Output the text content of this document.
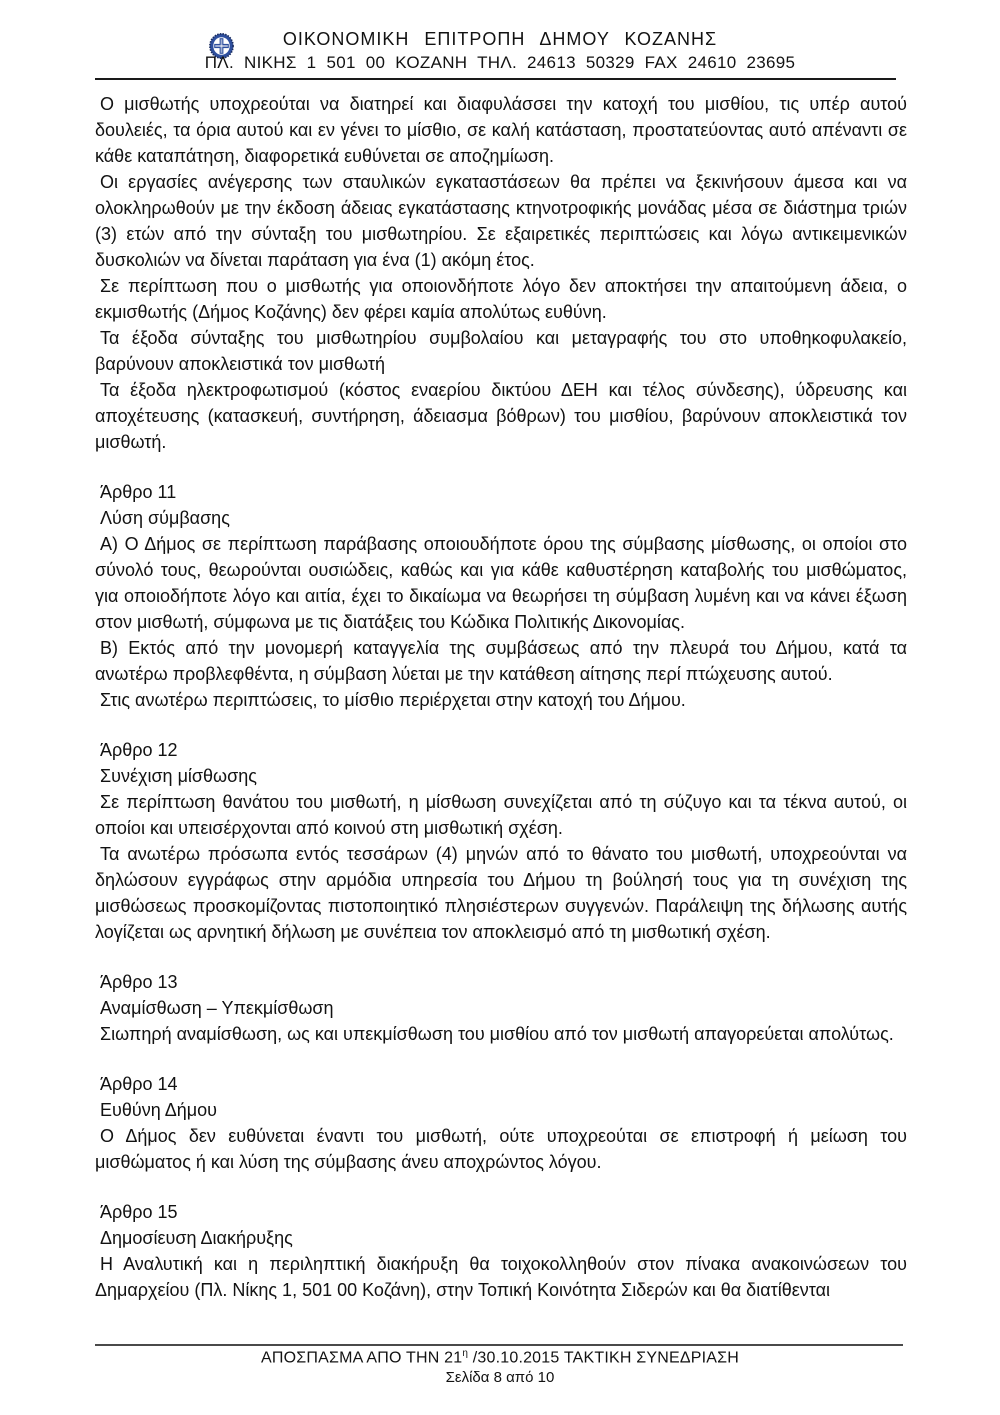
ΟΙΚΟΝΟΜΙΚΗ ΕΠΙΤΡΟΠΗ ΔΗΜΟΥ ΚΟΖΑΝΗΣ
ΠΛ. ΝΙΚΗΣ 1 501 00 ΚΟΖΑΝΗ ΤΗΛ. 24613 50329 FAX 24610 23695

Ο μισθωτής υποχρεούται να διατηρεί και διαφυλάσσει την κατοχή του μισθίου, τις υπέρ αυτού δουλειές, τα όρια αυτού και εν γένει το μίσθιο, σε καλή κατάσταση, προστατεύοντας αυτό απέναντι σε κάθε καταπάτηση, διαφορετικά ευθύνεται σε αποζημίωση.

Οι εργασίες ανέγερσης των σταυλικών εγκαταστάσεων θα πρέπει να ξεκινήσουν άμεσα και να ολοκληρωθούν με την έκδοση άδειας εγκατάστασης κτηνοτροφικής μονάδας μέσα σε διάστημα τριών (3) ετών από την σύνταξη του μισθωτηρίου. Σε εξαιρετικές περιπτώσεις και λόγω αντικειμενικών δυσκολιών να δίνεται παράταση για ένα (1) ακόμη έτος.

Σε περίπτωση που ο μισθωτής για οποιονδήποτε λόγο δεν αποκτήσει την απαιτούμενη άδεια, ο εκμισθωτής (Δήμος Κοζάνης) δεν φέρει καμία απολύτως ευθύνη.

Τα έξοδα σύνταξης του μισθωτηρίου συμβολαίου και μεταγραφής του στο υποθηκοφυλακείο, βαρύνουν αποκλειστικά τον μισθωτή

Τα έξοδα ηλεκτροφωτισμού (κόστος εναερίου δικτύου ΔΕΗ και τέλος σύνδεσης), ύδρευσης και αποχέτευσης (κατασκευή, συντήρηση, άδειασμα βόθρων) του μισθίου, βαρύνουν αποκλειστικά τον μισθωτή.

Άρθρο 11

Λύση σύμβασης

Α) Ο Δήμος σε περίπτωση παράβασης οποιουδήποτε όρου της σύμβασης μίσθωσης, οι οποίοι στο σύνολό τους, θεωρούνται ουσιώδεις, καθώς και για κάθε καθυστέρηση καταβολής του μισθώματος, για οποιοδήποτε λόγο και αιτία, έχει το δικαίωμα να θεωρήσει τη σύμβαση λυμένη και να κάνει έξωση στον μισθωτή, σύμφωνα με τις διατάξεις του Κώδικα Πολιτικής Δικονομίας.

Β) Εκτός από την μονομερή καταγγελία της συμβάσεως από την πλευρά του Δήμου, κατά τα ανωτέρω προβλεφθέντα, η σύμβαση λύεται με την κατάθεση αίτησης περί πτώχευσης αυτού.

Στις ανωτέρω περιπτώσεις, το μίσθιο περιέρχεται στην κατοχή του Δήμου.

Άρθρο 12

Συνέχιση μίσθωσης

Σε περίπτωση θανάτου του μισθωτή, η μίσθωση συνεχίζεται από τη σύζυγο και τα τέκνα αυτού, οι οποίοι και υπεισέρχονται από κοινού στη μισθωτική σχέση.

Τα ανωτέρω πρόσωπα εντός τεσσάρων (4) μηνών από το θάνατο του μισθωτή, υποχρεούνται να δηλώσουν εγγράφως στην αρμόδια υπηρεσία του Δήμου τη βούλησή τους για τη συνέχιση της μισθώσεως προσκομίζοντας πιστοποιητικό πλησιέστερων συγγενών. Παράλειψη της δήλωσης αυτής λογίζεται ως αρνητική δήλωση με συνέπεια τον αποκλεισμό από τη μισθωτική σχέση.

Άρθρο 13

Αναμίσθωση – Υπεκμίσθωση

Σιωπηρή αναμίσθωση, ως και υπεκμίσθωση του μισθίου από τον μισθωτή απαγορεύεται απολύτως.

Άρθρο 14

Ευθύνη Δήμου

Ο Δήμος δεν ευθύνεται έναντι του μισθωτή, ούτε υποχρεούται σε επιστροφή ή μείωση του μισθώματος ή και λύση της σύμβασης άνευ αποχρώντος λόγου.

Άρθρο 15

Δημοσίευση Διακήρυξης

Η Αναλυτική και η περιληπτική διακήρυξη θα τοιχοκολληθούν στον πίνακα ανακοινώσεων του Δημαρχείου (Πλ. Νίκης 1, 501 00 Κοζάνη), στην Τοπική Κοινότητα Σιδερών και θα διατίθενται

ΑΠΟΣΠΑΣΜΑ ΑΠΟ ΤΗΝ $21^\eta$ /30.10.2015 ΤΑΚΤΙΚΗ ΣΥΝΕΔΡΙΑΣΗ
Σελίδα 8 από 10
